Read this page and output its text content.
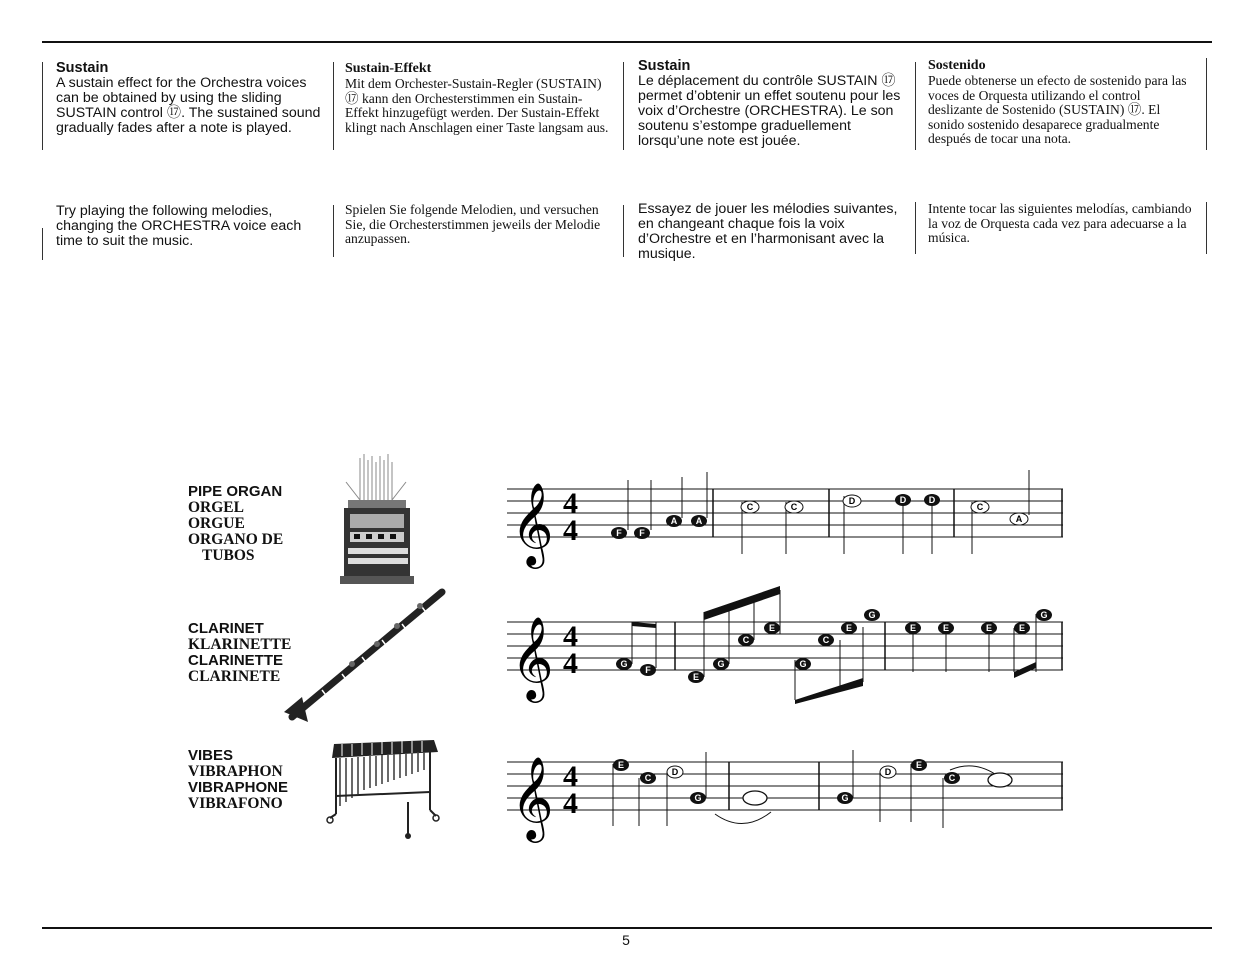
Sustain
A sustain effect for the Orchestra voices can be obtained by using the sliding SUSTAIN control ⑰. The sustained sound gradually fades after a note is played.
Sustain-Effekt
Mit dem Orchester-Sustain-Regler (SUSTAIN) ⑰ kann den Orchesterstimmen ein Sustain-Effekt hinzugefügt werden. Der Sustain-Effekt klingt nach Anschlagen einer Taste langsam aus.
Sustain
Le déplacement du contrôle SUSTAIN ⑰ permet d’obtenir un effet soutenu pour les voix d’Orchestre (ORCHESTRA). Le son soutenu s’estompe graduellement lorsqu’une note est jouée.
Sostenido
Puede obtenerse un efecto de sostenido para las voces de Orquesta utilizando el control deslizante de Sostenido (SUSTAIN) ⑰. El sonido sostenido desaparece gradualmente después de tocar una nota.
Try playing the following melodies, changing the ORCHESTRA voice each time to suit the music.
Spielen Sie folgende Melodien, und versuchen Sie, die Orchesterstimmen jeweils der Melodie anzupassen.
Essayez de jouer les mélodies suivantes, en changeant chaque fois la voix d’Orchestre et en l’harmonisant avec la musique.
Intente tocar las siguientes melodías, cambiando la voz de Orquesta cada vez para adecuarse a la música.
PIPE ORGAN
ORGEL
ORGUE
ORGANO DE
TUBOS
CLARINET
KLARINETTE
CLARINETTE
CLARINETE
VIBES
VIBRAPHON
VIBRAPHONE
VIBRAFONO
𝄞 4
4	F F
A A
C	C
D	D	D
C
A
𝄞 4
4	G
F
E
G
C
E
G
C
E
G
E	E	E	E
G
𝄞 4
4
E
C
D
G	G
D
E
C
5
